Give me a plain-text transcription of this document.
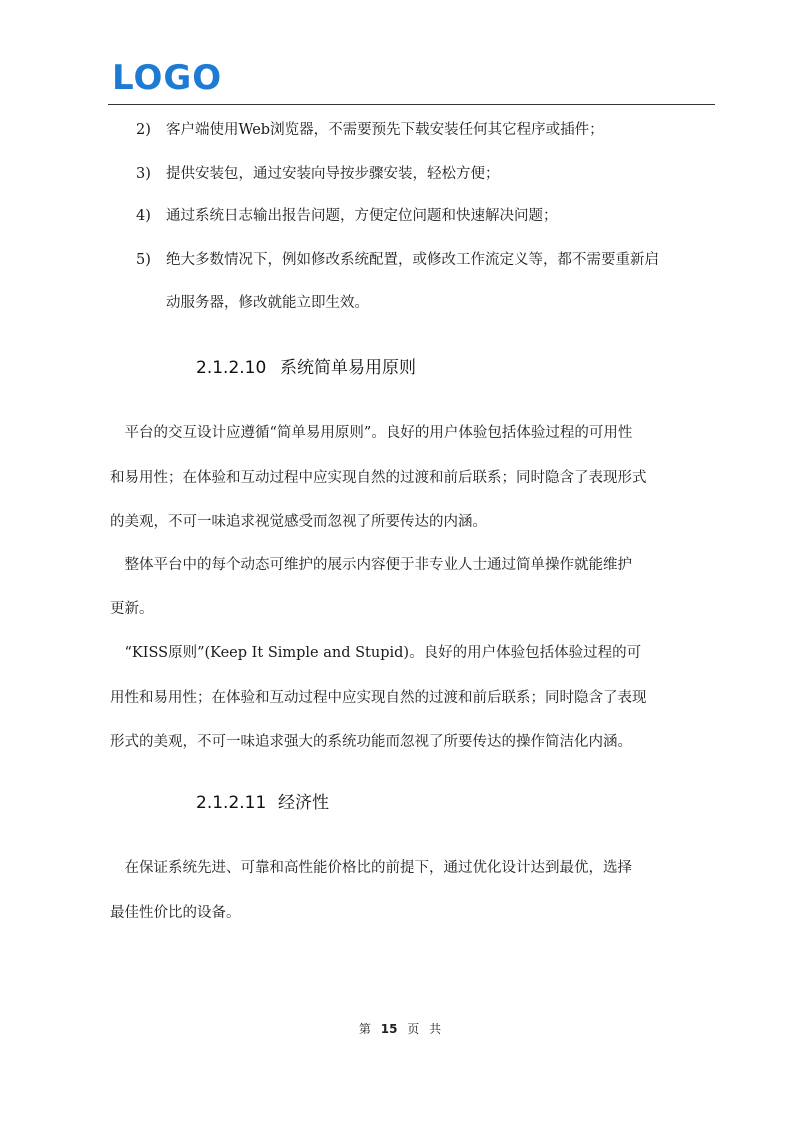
LOGO
2) 客户端使用Web浏览器，不需要预先下载安装任何其它程序或插件；
3) 提供安装包，通过安装向导按步骤安装，轻松方便；
4) 通过系统日志输出报告问题，方便定位问题和快速解决问题；
5) 绝大多数情况下，例如修改系统配置，或修改工作流定义等，都不需要重新启
动服务器，修改就能立即生效。
2.1.2.10 系统简单易用原则
　平台的交互设计应遵循“简单易用原则”。良好的用户体验包括体验过程的可用性
和易用性；在体验和互动过程中应实现自然的过渡和前后联系；同时隐含了表现形式
的美观，不可一味追求视觉感受而忽视了所要传达的内涵。
　整体平台中的每个动态可维护的展示内容便于非专业人士通过简单操作就能维护
更新。
　“KISS原则”(Keep It Simple and Stupid)。良好的用户体验包括体验过程的可
用性和易用性；在体验和互动过程中应实现自然的过渡和前后联系；同时隐含了表现
形式的美观，不可一味追求强大的系统功能而忽视了所要传达的操作简洁化内涵。
2.1.2.11 经济性
　在保证系统先进、可靠和高性能价格比的前提下，通过优化设计达到最优，选择
最佳性价比的设备。
第 15 页 共
